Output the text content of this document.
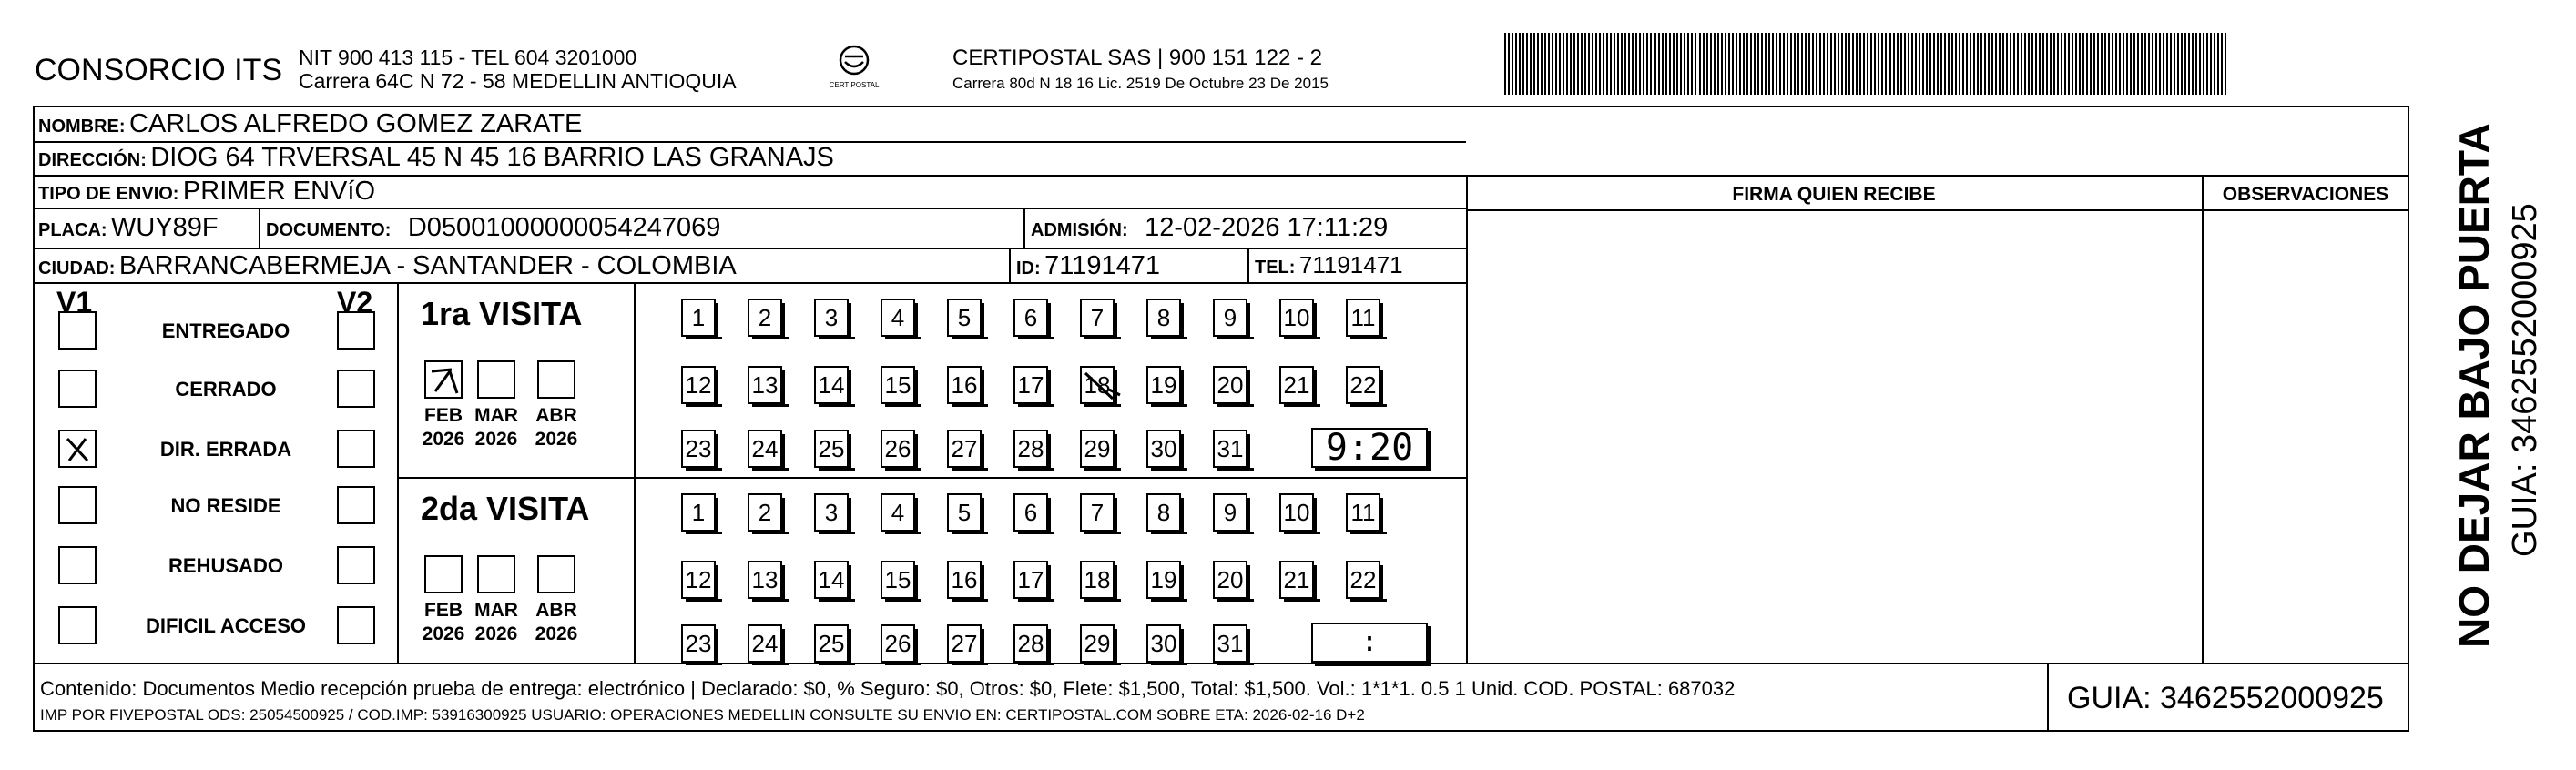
CONSORCIO ITS NIT 900 413 115 - TEL 604 3201000
Carrera 64C N 72 - 58 MEDELLIN ANTIOQUIA	CERTIPOSTAL
CERTIPOSTAL SAS | 900 151 122 - 2
Carrera 80d N 18 16 Lic. 2519 De Octubre 23 De 2015
NOMBRE: CARLOS ALFREDO GOMEZ ZARATE
DIRECCIÓN: DIOG 64 TRVERSAL 45 N 45 16 BARRIO LAS GRANAJS
TIPO DE ENVIO: PRIMER ENVíO
PLACA: WUY89F	DOCUMENTO: D05001000000054247069	ADMISIÓN: 12-02-2026 17:11:29
CIUDAD: BARRANCABERMEJA - SANTANDER - COLOMBIA	ID: 71191471	TEL: 71191471
FIRMA QUIEN RECIBE	OBSERVACIONES
V1	V2
ENTREGADO
CERRADO
DIR. ERRADA
NO RESIDE
REHUSADO
DIFICIL ACCESO
1ra VISITA
FEB
2026
MAR
2026
ABR
2026
1	2	3	4	5	6	7	8	9	10 11
12 13 14 15 16 17 18 19 20 21 22
23 24 25 26 27 28 29 30 31	9:20
2da VISITA
FEB
2026
MAR
2026
ABR
2026
1	2	3	4	5	6	7	8	9	10 11
12 13 14 15 16 17 18 19 20 21 22
23 24 25 26 27 28 29 30 31	:
Contenido: Documentos Medio recepción prueba de entrega: electrónico | Declarado: $0, % Seguro: $0, Otros: $0, Flete: $1,500, Total: $1,500. Vol.: 1*1*1. 0.5 1 Unid. COD. POSTAL: 687032
IMP POR FIVEPOSTAL ODS: 25054500925 / COD.IMP: 53916300925 USUARIO: OPERACIONES MEDELLIN CONSULTE SU ENVIO EN: CERTIPOSTAL.COM SOBRE ETA: 2026-02-16 D+2	GUIA: 3462552000925
NO DEJAR BAJO PUERTA GUIA: 3462552000925
